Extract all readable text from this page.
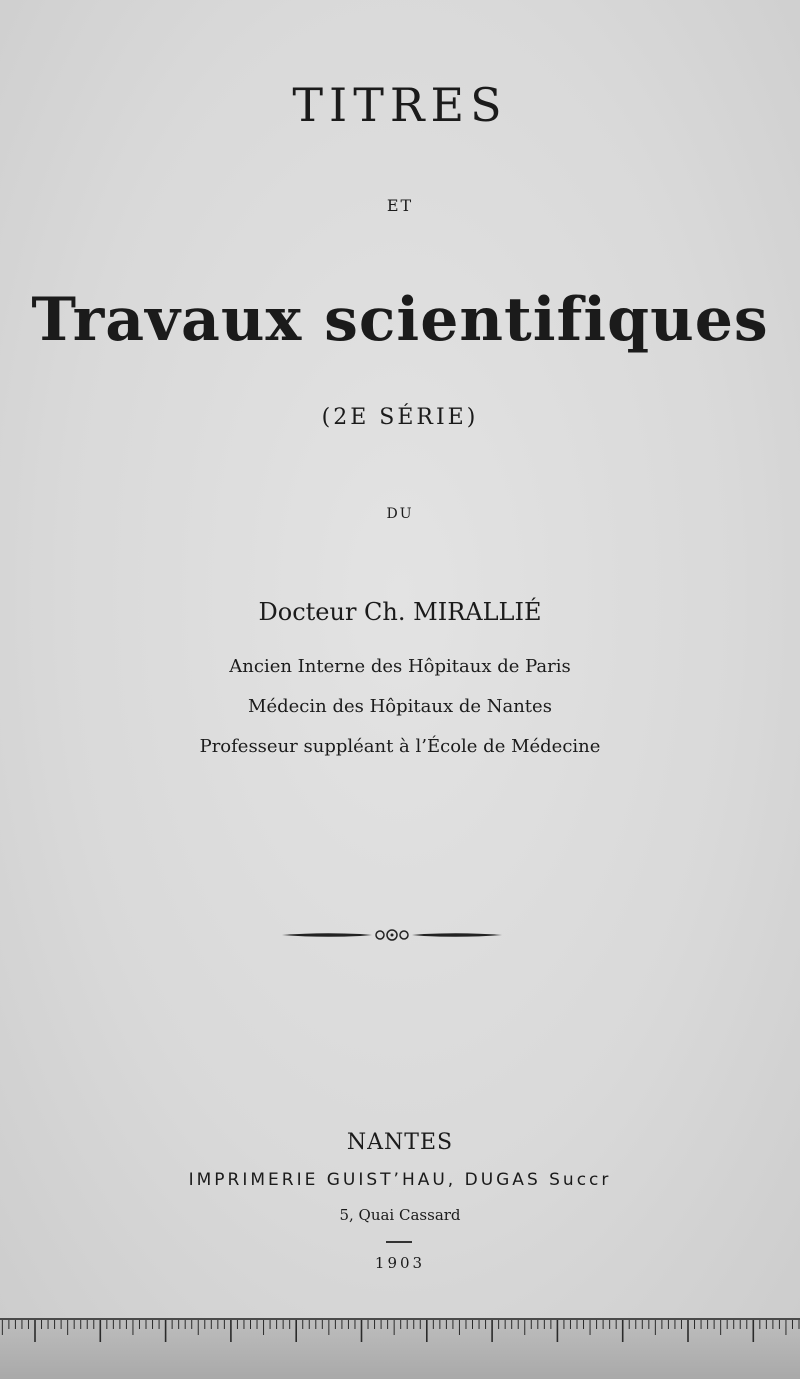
TITRES
ET
Travaux scientifiques
(2E SÉRIE)
DU
Docteur Ch. MIRALLIÉ
Ancien Interne des Hôpitaux de Paris
Médecin des Hôpitaux de Nantes
Professeur suppléant à l’École de Médecine
NANTES
IMPRIMERIE GUIST’HAU, DUGAS Succr
5, Quai Cassard
1903
